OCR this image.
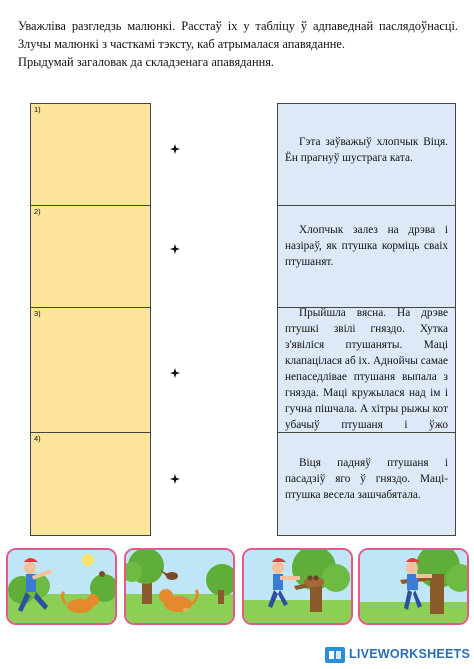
Уважліва разгледзь малюнкі. Расстаў іх у табліцу ў адпаведнай паслядоўнасці. Злучы малюнкі з часткамі тэксту, каб атрымалася апавяданне.

Прыдумай загаловак да складзенага апавядання.

1)
Гэта заўважыў хлопчык Віця. Ён прагнуў шустрага ката.
2)
Хлопчык залез на дрэва і назіраў, як птушка корміць сваіх птушанят.
3)	Прыйшла вясна. На дрэве птушкі звілі гняздо. Хутка з'явіліся птушаняты. Маці клапацілася аб іх. Аднойчы самае непаседлівае птушаня выпала з гнязда. Маці кружылася над ім і гучна пішчала. А хітры рыжы кот убачыў птушаня і ўжо
4)
Віця падняў птушаня і пасадзіў яго ў гняздо. Маці-птушка весела зашчабятала.
LIVEWORKSHEETS
